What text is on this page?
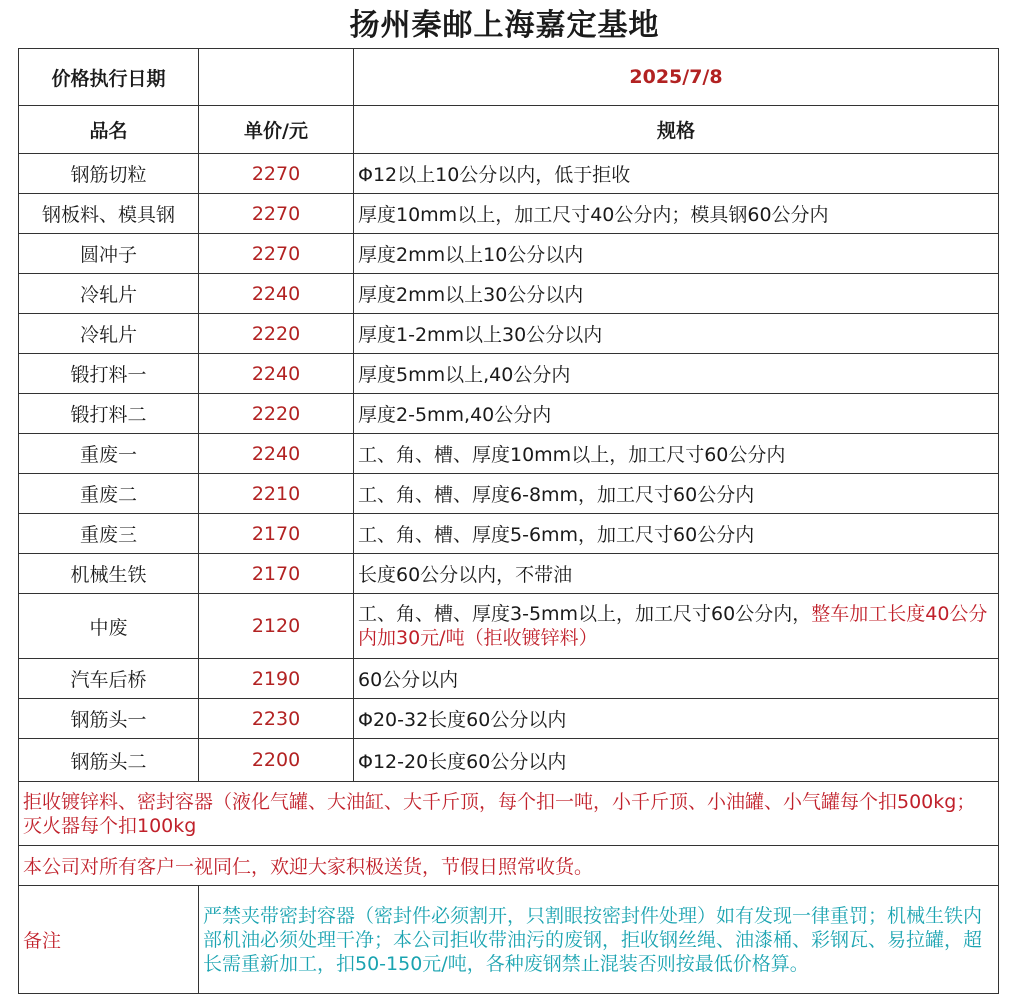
扬州秦邮上海嘉定基地
价格执行日期		2025/7/8
品名	单价/元	规格
钢筋切粒	2270	Φ12以上10公分以内，低于拒收
钢板料、模具钢	2270	厚度10mm以上，加工尺寸40公分内；模具钢60公分内
圆冲子	2270	厚度2mm以上10公分以内
冷轧片	2240	厚度2mm以上30公分以内
冷轧片	2220	厚度1-2mm以上30公分以内
锻打料一	2240	厚度5mm以上,40公分内
锻打料二	2220	厚度2-5mm,40公分内
重废一	2240	工、角、槽、厚度10mm以上，加工尺寸60公分内
重废二	2210	工、角、槽、厚度6-8mm，加工尺寸60公分内
重废三	2170	工、角、槽、厚度5-6mm，加工尺寸60公分内
机械生铁	2170	长度60公分以内，不带油
中废	2120	工、角、槽、厚度3-5mm以上，加工尺寸60公分内，整车加工长度40公分内加30元/吨（拒收镀锌料）
汽车后桥	2190	60公分以内
钢筋头一	2230	Φ20-32长度60公分以内
钢筋头二	2200	Φ12-20长度60公分以内
拒收镀锌料、密封容器（液化气罐、大油缸、大千斤顶，每个扣一吨，小千斤顶、小油罐、小气罐每个扣500kg；灭火器每个扣100kg		
本公司对所有客户一视同仁，欢迎大家积极送货，节假日照常收货。		
备注	严禁夹带密封容器（密封件必须割开，只割眼按密封件处理）如有发现一律重罚；机械生铁内部机油必须处理干净；本公司拒收带油污的废钢，拒收钢丝绳、油漆桶、彩钢瓦、易拉罐，超长需重新加工，扣50-150元/吨，各种废钢禁止混装否则按最低价格算。	
